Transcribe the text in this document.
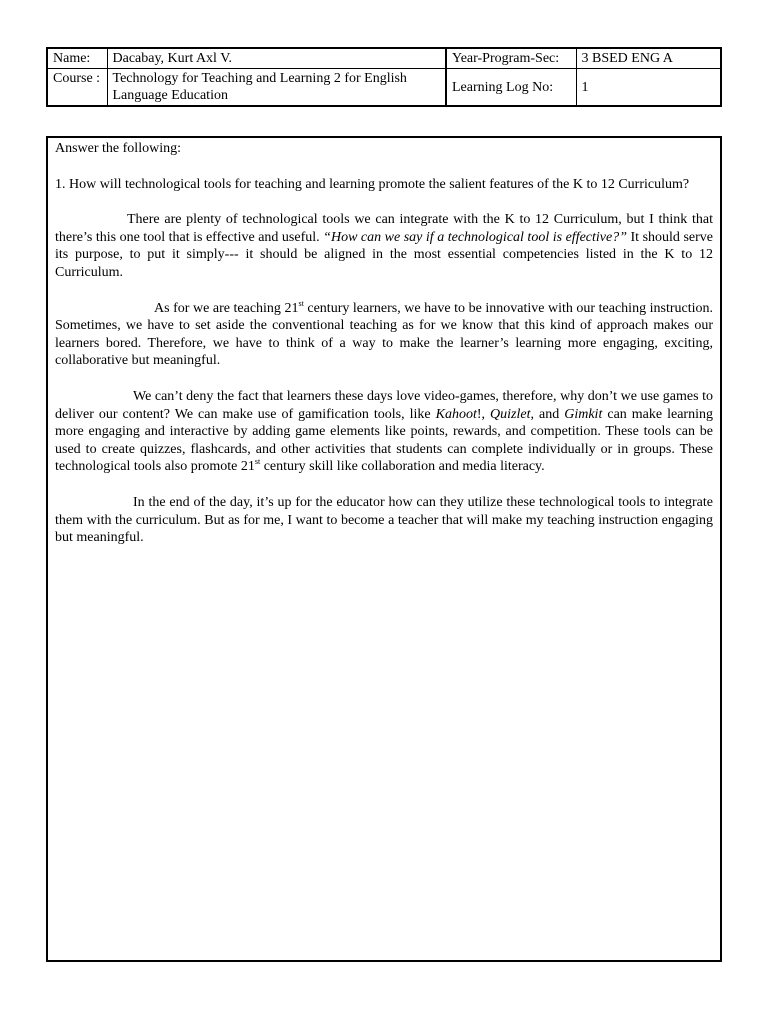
Name:	Dacabay, Kurt Axl V.	Year-Program-Sec:	3 BSED ENG A
Course :	Technology for Teaching and Learning 2 for English Language Education	Learning Log No:	1

Answer the following:

1. How will technological tools for teaching and learning promote the salient features of the K to 12 Curriculum?

There are plenty of technological tools we can integrate with the K to 12 Curriculum, but I think that there’s this one tool that is effective and useful. “How can we say if a technological tool is effective?” It should serve its purpose, to put it simply--- it should be aligned in the most essential competencies listed in the K to 12 Curriculum.

As for we are teaching 21st century learners, we have to be innovative with our teaching instruction. Sometimes, we have to set aside the conventional teaching as for we know that this kind of approach makes our learners bored. Therefore, we have to think of a way to make the learner’s learning more engaging, exciting, collaborative but meaningful.

We can’t deny the fact that learners these days love video-games, therefore, why don’t we use games to deliver our content? We can make use of gamification tools, like Kahoot!, Quizlet, and Gimkit can make learning more engaging and interactive by adding game elements like points, rewards, and competition. These tools can be used to create quizzes, flashcards, and other activities that students can complete individually or in groups. These technological tools also promote 21st century skill like collaboration and media literacy.

In the end of the day, it’s up for the educator how can they utilize these technological tools to integrate them with the curriculum. But as for me, I want to become a teacher that will make my teaching instruction engaging but meaningful.
